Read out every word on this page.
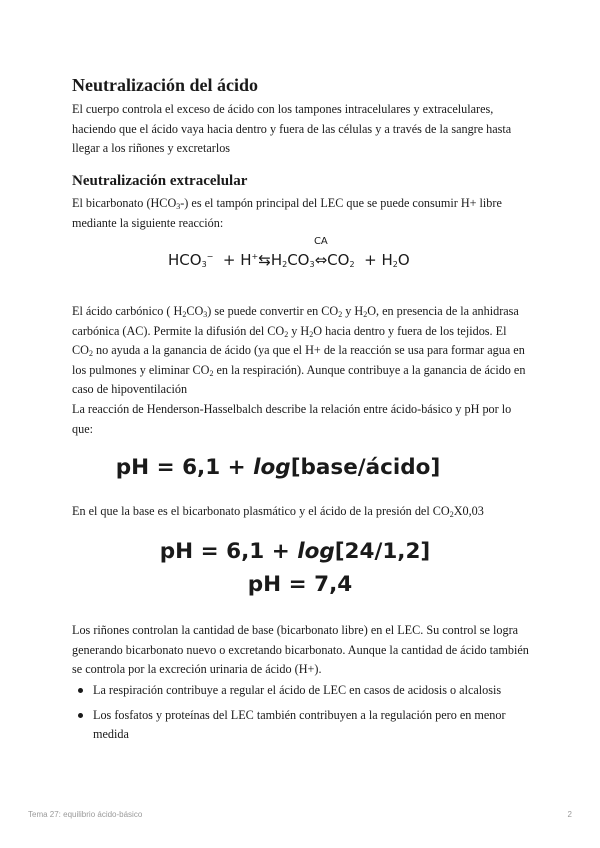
Neutralización del ácido

El cuerpo controla el exceso de ácido con los tampones intracelulares y extracelulares,
haciendo que el ácido vaya hacia dentro y fuera de las células y a través de la sangre hasta
llegar a los riñones y excretarlos

Neutralización extracelular

El bicarbonato $(HCO_3-)$ es el tampón principal del LEC que se puede consumir H+ libre
mediante la siguiente reacción:

$HCO_3^-$ + $H^+⇆H_2CO_3$
CA
$\Leftrightarrow CO_2 + H_2O$

El ácido carbónico ( $H_2CO_3$) se puede convertir en $CO_2$ y $H_2O$, en presencia de la anhidrasa
carbónica (AC). Permite la difusión del $CO_2$ y $H_2O$ hacia dentro y fuera de los tejidos. El
$CO_2$ no ayuda a la ganancia de ácido (ya que el H+ de la reacción se usa para formar agua en
los pulmones y eliminar $CO_2$ en la respiración). Aunque contribuye a la ganancia de ácido en
caso de hipoventilación

La reacción de Henderson-Hasselbalch describe la relación entre ácido-básico y pH por lo
que:

pH = 6,1 + log[base/ácido]

En el que la base es el bicarbonato plasmático y el ácido de la presión del $CO_2X0,03$

pH = 6,1 + log[24/1,2]
pH = 7,4

Los riñones controlan la cantidad de base (bicarbonato libre) en el LEC. Su control se logra
generando bicarbonato nuevo o excretando bicarbonato. Aunque la cantidad de ácido también
se controla por la excreción urinaria de ácido (H+).

La respiración contribuye a regular el ácido de LEC en casos de acidosis o alcalosis
Los fosfatos y proteínas del LEC también contribuyen a la regulación pero en menor
medida
Tema 27: equilibrio ácido-básico	2
